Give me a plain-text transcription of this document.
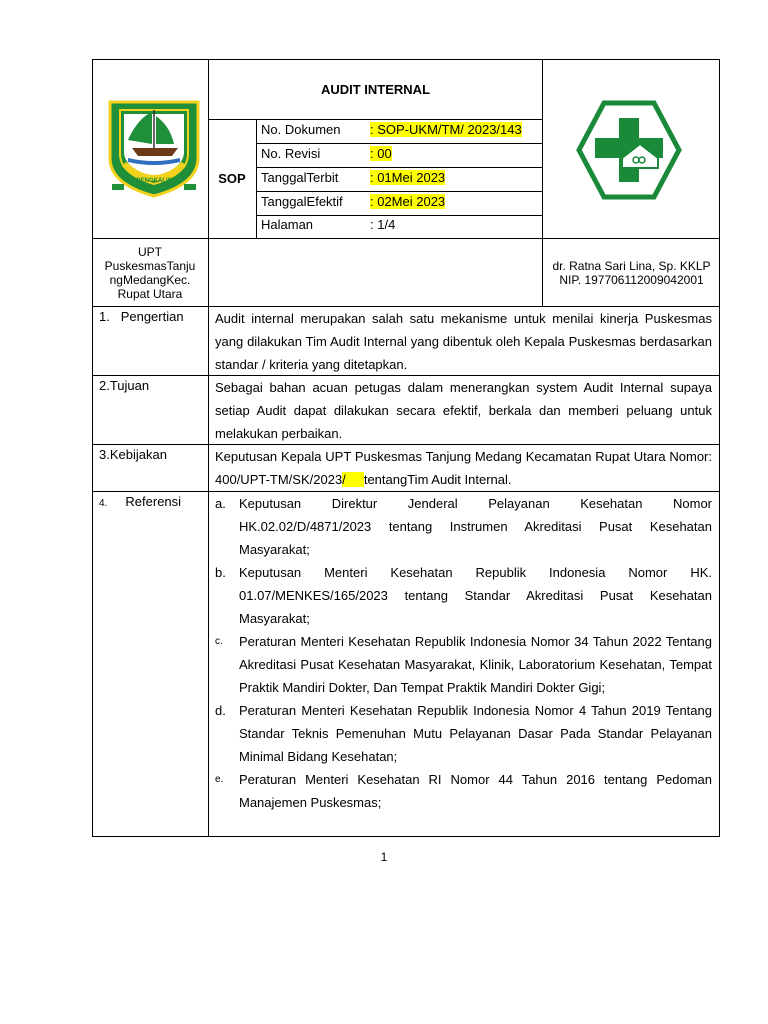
BENGKALIS
AUDIT INTERNAL
SOP
No. Dokumen : SOP-UKM/TM/ 2023/143
No. Revisi	: 00
TanggalTerbit : 01Mei 2023
TanggalEfektif : 02Mei 2023
Halaman	: 1/4
UPT
PuskesmasTanju
ngMedangKec.
Rupat Utara
dr. Ratna Sari Lina, Sp. KKLP
NIP. 197706112009042001
1. Pengertian	Audit internal merupakan salah satu mekanisme untuk menilai kinerja Puskesmas yang dilakukan Tim Audit Internal yang dibentuk oleh Kepala Puskesmas berdasarkan standar / kriteria yang ditetapkan.
2.Tujuan	Sebagai bahan acuan petugas dalam menerangkan system Audit Internal supaya setiap Audit dapat dilakukan secara efektif, berkala dan memberi peluang untuk melakukan perbaikan.
3.Kebijakan	Keputusan Kepala UPT Puskesmas Tanjung Medang Kecamatan Rupat Utara Nomor: 400/UPT-TM/SK/2023/     tentangTim Audit Internal.
4. Referensi	a. Keputusan Direktur Jenderal Pelayanan Kesehatan Nomor HK.02.02/D/4871/2023 tentang Instrumen Akreditasi Pusat Kesehatan Masyarakat;
b. Keputusan Menteri Kesehatan Republik Indonesia Nomor HK. 01.07/MENKES/165/2023 tentang Standar Akreditasi Pusat Kesehatan Masyarakat;
c. Peraturan Menteri Kesehatan Republik Indonesia Nomor 34 Tahun 2022 Tentang Akreditasi Pusat Kesehatan Masyarakat, Klinik, Laboratorium Kesehatan, Tempat Praktik Mandiri Dokter, Dan Tempat Praktik Mandiri Dokter Gigi;
d. Peraturan Menteri Kesehatan Republik Indonesia Nomor 4 Tahun 2019 Tentang Standar Teknis Pemenuhan Mutu Pelayanan Dasar Pada Standar Pelayanan Minimal Bidang Kesehatan;
e. Peraturan Menteri Kesehatan RI Nomor 44 Tahun 2016 tentang Pedoman Manajemen Puskesmas;
1
